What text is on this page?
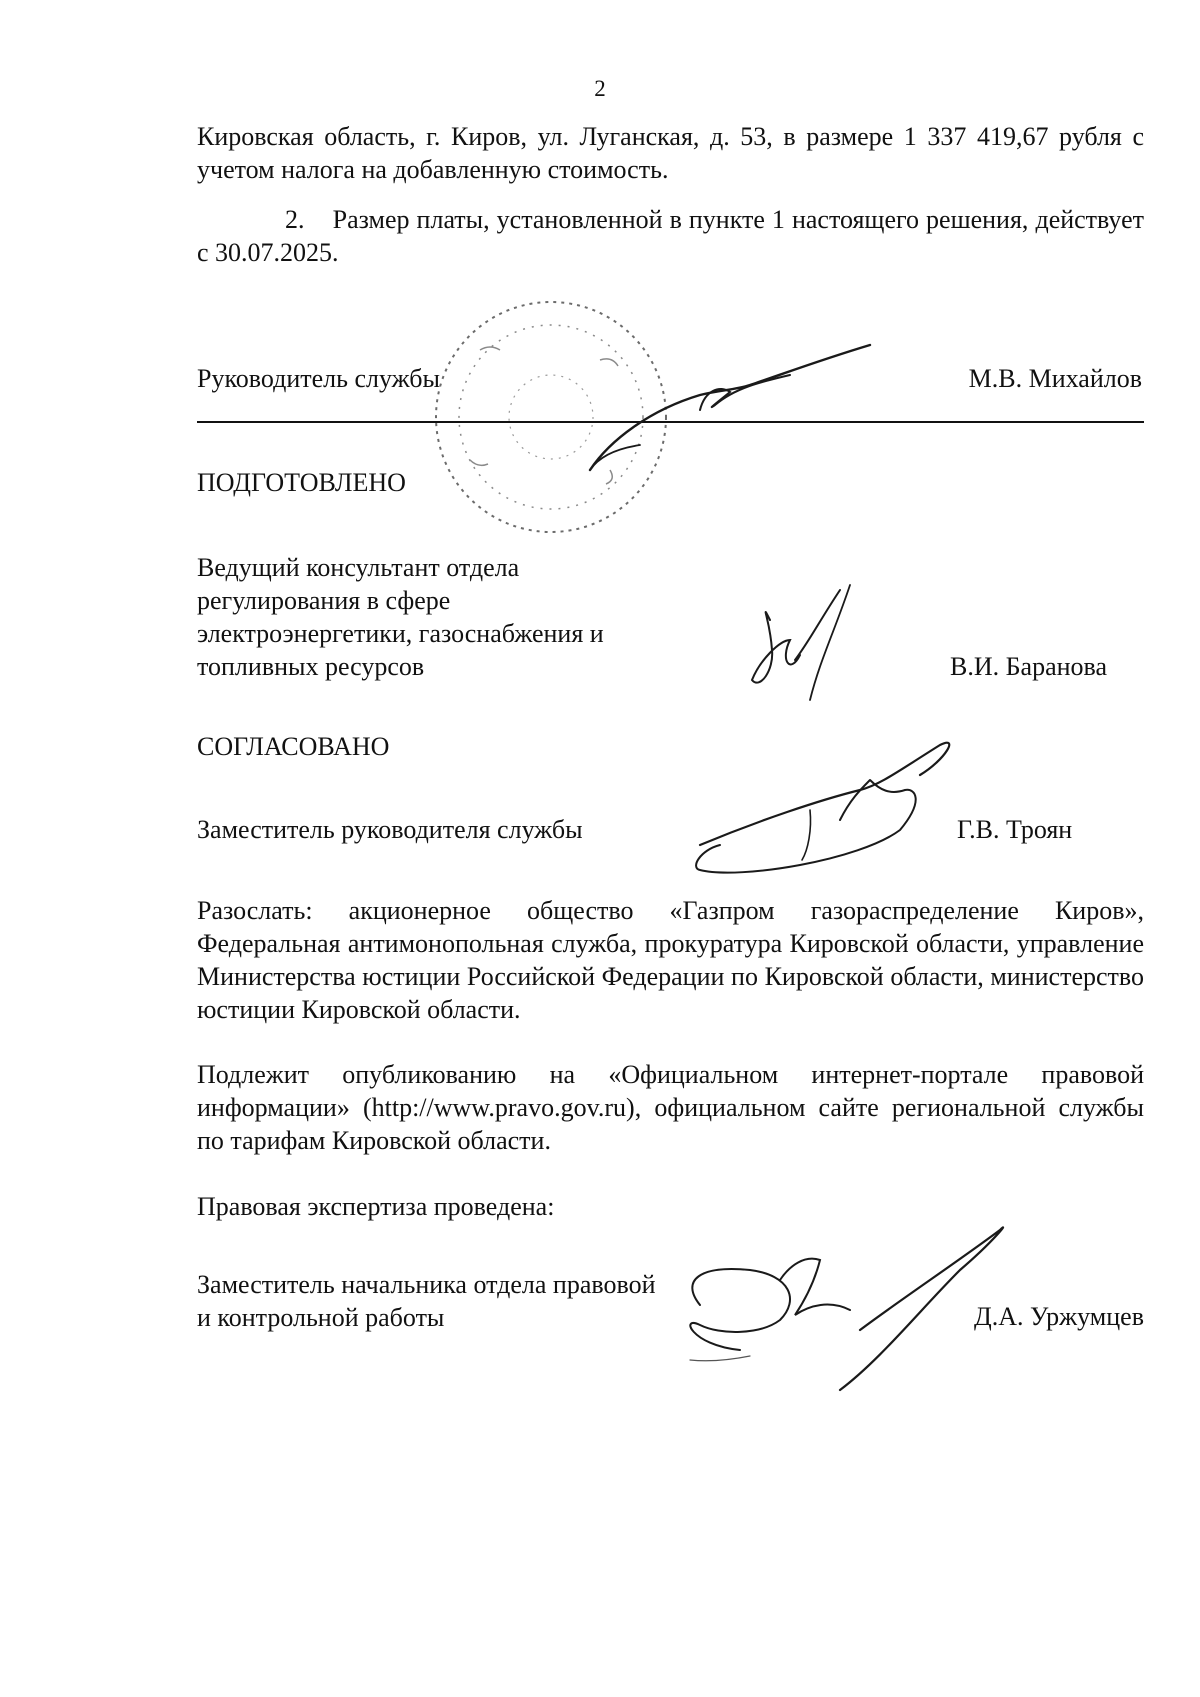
2
Кировская область, г. Киров, ул. Луганская, д. 53, в размере 1 337 419,67 рубля с учетом налога на добавленную стоимость.
2.    Размер платы, установленной в пункте 1 настоящего решения, действует с 30.07.2025.
Руководитель службы	М.В. Михайлов
ПОДГОТОВЛЕНО
Ведущий консультант отдела
регулирования в сфере
электроэнергетики, газоснабжения и
топливных ресурсов	В.И. Баранова
СОГЛАСОВАНО
Заместитель руководителя службы	Г.В. Троян
Разослать: акционерное общество «Газпром газораспределение Киров», Федеральная антимонопольная служба, прокуратура Кировской области, управление Министерства юстиции Российской Федерации по Кировской области, министерство юстиции Кировской области.
Подлежит опубликованию на «Официальном интернет-портале правовой информации» (http://www.pravo.gov.ru), официальном сайте региональной службы по тарифам Кировской области.
Правовая экспертиза проведена:
Заместитель начальника отдела правовой
и контрольной работы	Д.А. Уржумцев
